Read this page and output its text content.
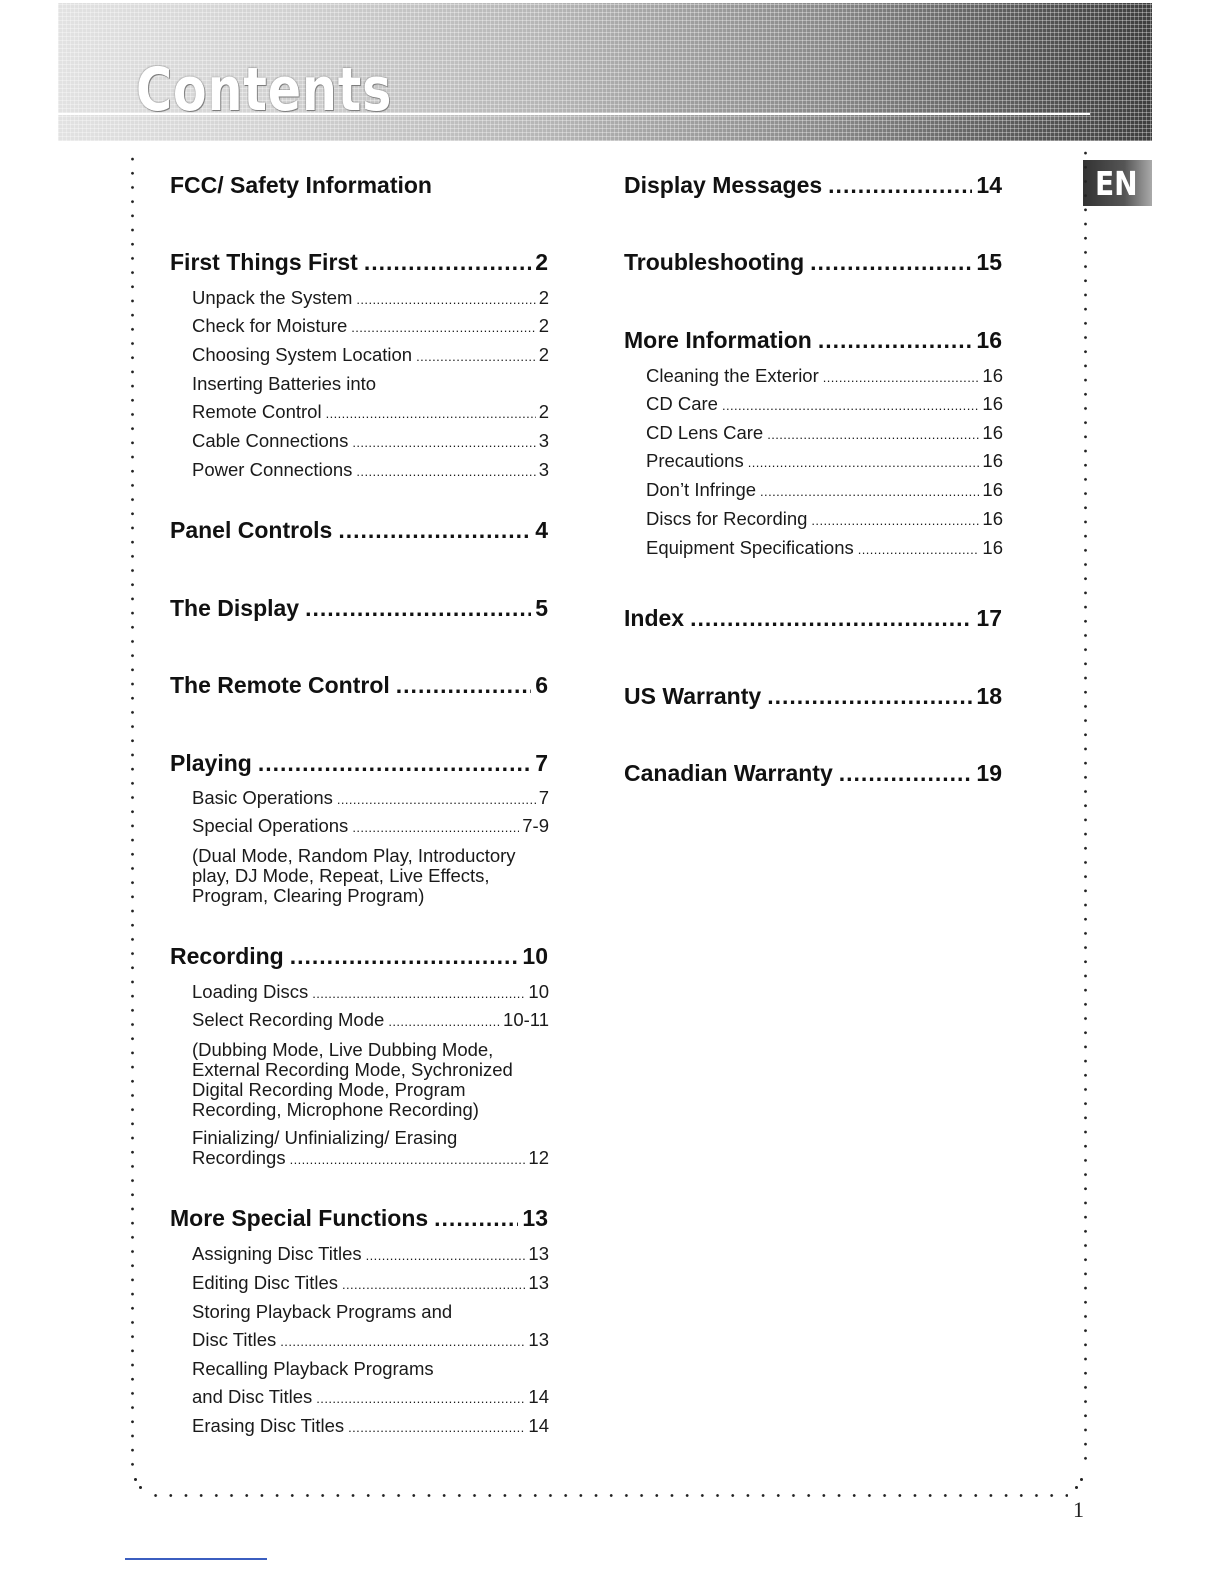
Contents
EN
1
FCC/ Safety Information
First Things First .....	2
Unpack the System .....	2
Check for Moisture .....	2
Choosing System Location .....	2
Inserting Batteries into
Remote Control .....	2
Cable Connections .....	3
Power Connections .....	3
Panel Controls .....	4
The Display .....	5
The Remote Control .....	6
Playing .....	7
Basic Operations .....	7
Special Operations .....	7-9
(Dual Mode, Random Play, Introductory
play, DJ Mode, Repeat, Live Effects,
Program, Clearing Program)
Recording .....	10
Loading Discs .....	10
Select Recording Mode .....	10-11
(Dubbing Mode, Live Dubbing Mode,
External Recording Mode, Sychronized
Digital Recording Mode, Program
Recording, Microphone Recording)
Finializing/ Unfinializing/ Erasing
Recordings .....	12
More Special Functions .....	13
Assigning Disc Titles .....	13
Editing Disc Titles .....	13
Storing Playback Programs and
Disc Titles .....	13
Recalling Playback Programs
and Disc Titles .....	14
Erasing Disc Titles .....	14
Display Messages .....	14
Troubleshooting .....	15
More Information .....	16
Cleaning the Exterior .....	16
CD Care .....	16
CD Lens Care .....	16
Precautions .....	16
Don’t Infringe .....	16
Discs for Recording .....	16
Equipment Specifications .....	16
Index .....	17
US Warranty .....	18
Canadian Warranty .....	19
